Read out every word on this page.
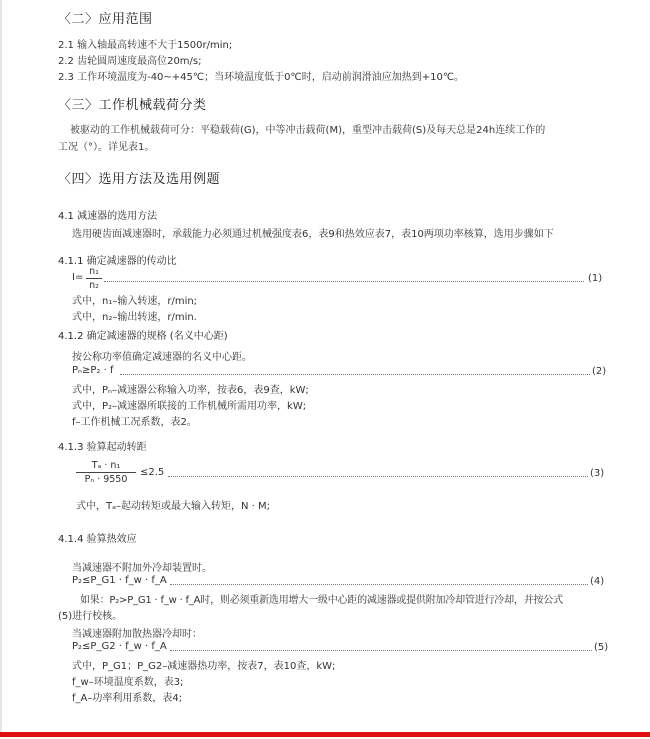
〈二〉应用范围
2.1 输入轴最高转速不大于1500r/min;
2.2 齿轮圆周速度最高位20m/s;
2.3 工作环境温度为-40~+45℃；当环境温度低于0℃时，启动前润滑油应加热到+10℃。
〈三〉工作机械载荷分类
被驱动的工作机械载荷可分：平稳载荷(G)，中等冲击载荷(M)，重型冲击载荷(S)及每天总是24h连续工作的
工况（°）。详见表1。
〈四〉选用方法及选用例题
4.1 减速器的选用方法
选用硬齿面减速器时，承载能力必须通过机械强度表6，表9和热效应表7，表10两项功率核算，选用步骤如下
4.1.1 确定减速器的传动比
I=
n₁
n₂
(1)
式中，n₁–输入转速，r/min;
式中，n₂–输出转速，r/min.
4.1.2 确定减速器的规格 (名义中心距)
按公称功率值确定减速器的名义中心距。
Pₙ≥P₂ · f	(2)
式中，Pₙ–减速器公称输入功率，按表6，表9查，kW;
式中，P₂–减速器所联接的工作机械所需用功率，kW;
f–工作机械工况系数，表2。
4.1.3 验算起动转距
Tₐ · n₁
Pₙ · 9550
≤2.5	(3)
式中，Tₐ–起动转矩或最大输入转矩，N · M;
4.1.4 验算热效应
当减速器不附加外冷却装置时。
P₂≤P_G1 · f_w · f_A	(4)
如果：P₂>P_G1 · f_w · f_A时，则必须重新选用增大一级中心距的减速器或提供附加冷却管进行冷却，并按公式
(5)进行校核。
当减速器附加散热器冷却时：
P₂≤P_G2 · f_w · f_A	(5)
式中，P_G1；P_G2–减速器热功率，按表7，表10查，kW;
f_w–环境温度系数，表3;
f_A–功率利用系数，表4;
